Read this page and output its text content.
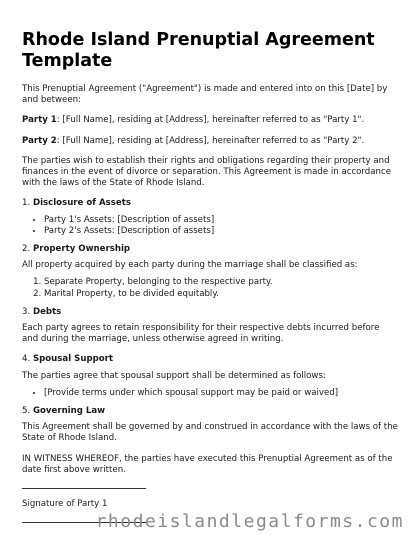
Rhode Island Prenuptial Agreement Template

This Prenuptial Agreement ("Agreement") is made and entered into on this [Date] by and between:

Party 1: [Full Name], residing at [Address], hereinafter referred to as "Party 1".

Party 2: [Full Name], residing at [Address], hereinafter referred to as "Party 2".

The parties wish to establish their rights and obligations regarding their property and finances in the event of divorce or separation. This Agreement is made in accordance with the laws of the State of Rhode Island.

1. Disclosure of Assets
• Party 1's Assets: [Description of assets]
• Party 2's Assets: [Description of assets]
2. Property Ownership

All property acquired by each party during the marriage shall be classified as:

1. Separate Property, belonging to the respective party.
2. Marital Property, to be divided equitably.
3. Debts

Each party agrees to retain responsibility for their respective debts incurred before and during the marriage, unless otherwise agreed in writing.

4. Spousal Support

The parties agree that spousal support shall be determined as follows:

• [Provide terms under which spousal support may be paid or waived]
5. Governing Law

This Agreement shall be governed by and construed in accordance with the laws of the State of Rhode Island.

IN WITNESS WHEREOF, the parties have executed this Prenuptial Agreement as of the date first above written.

Signature of Party 1

rhodeislandlegalforms.com
